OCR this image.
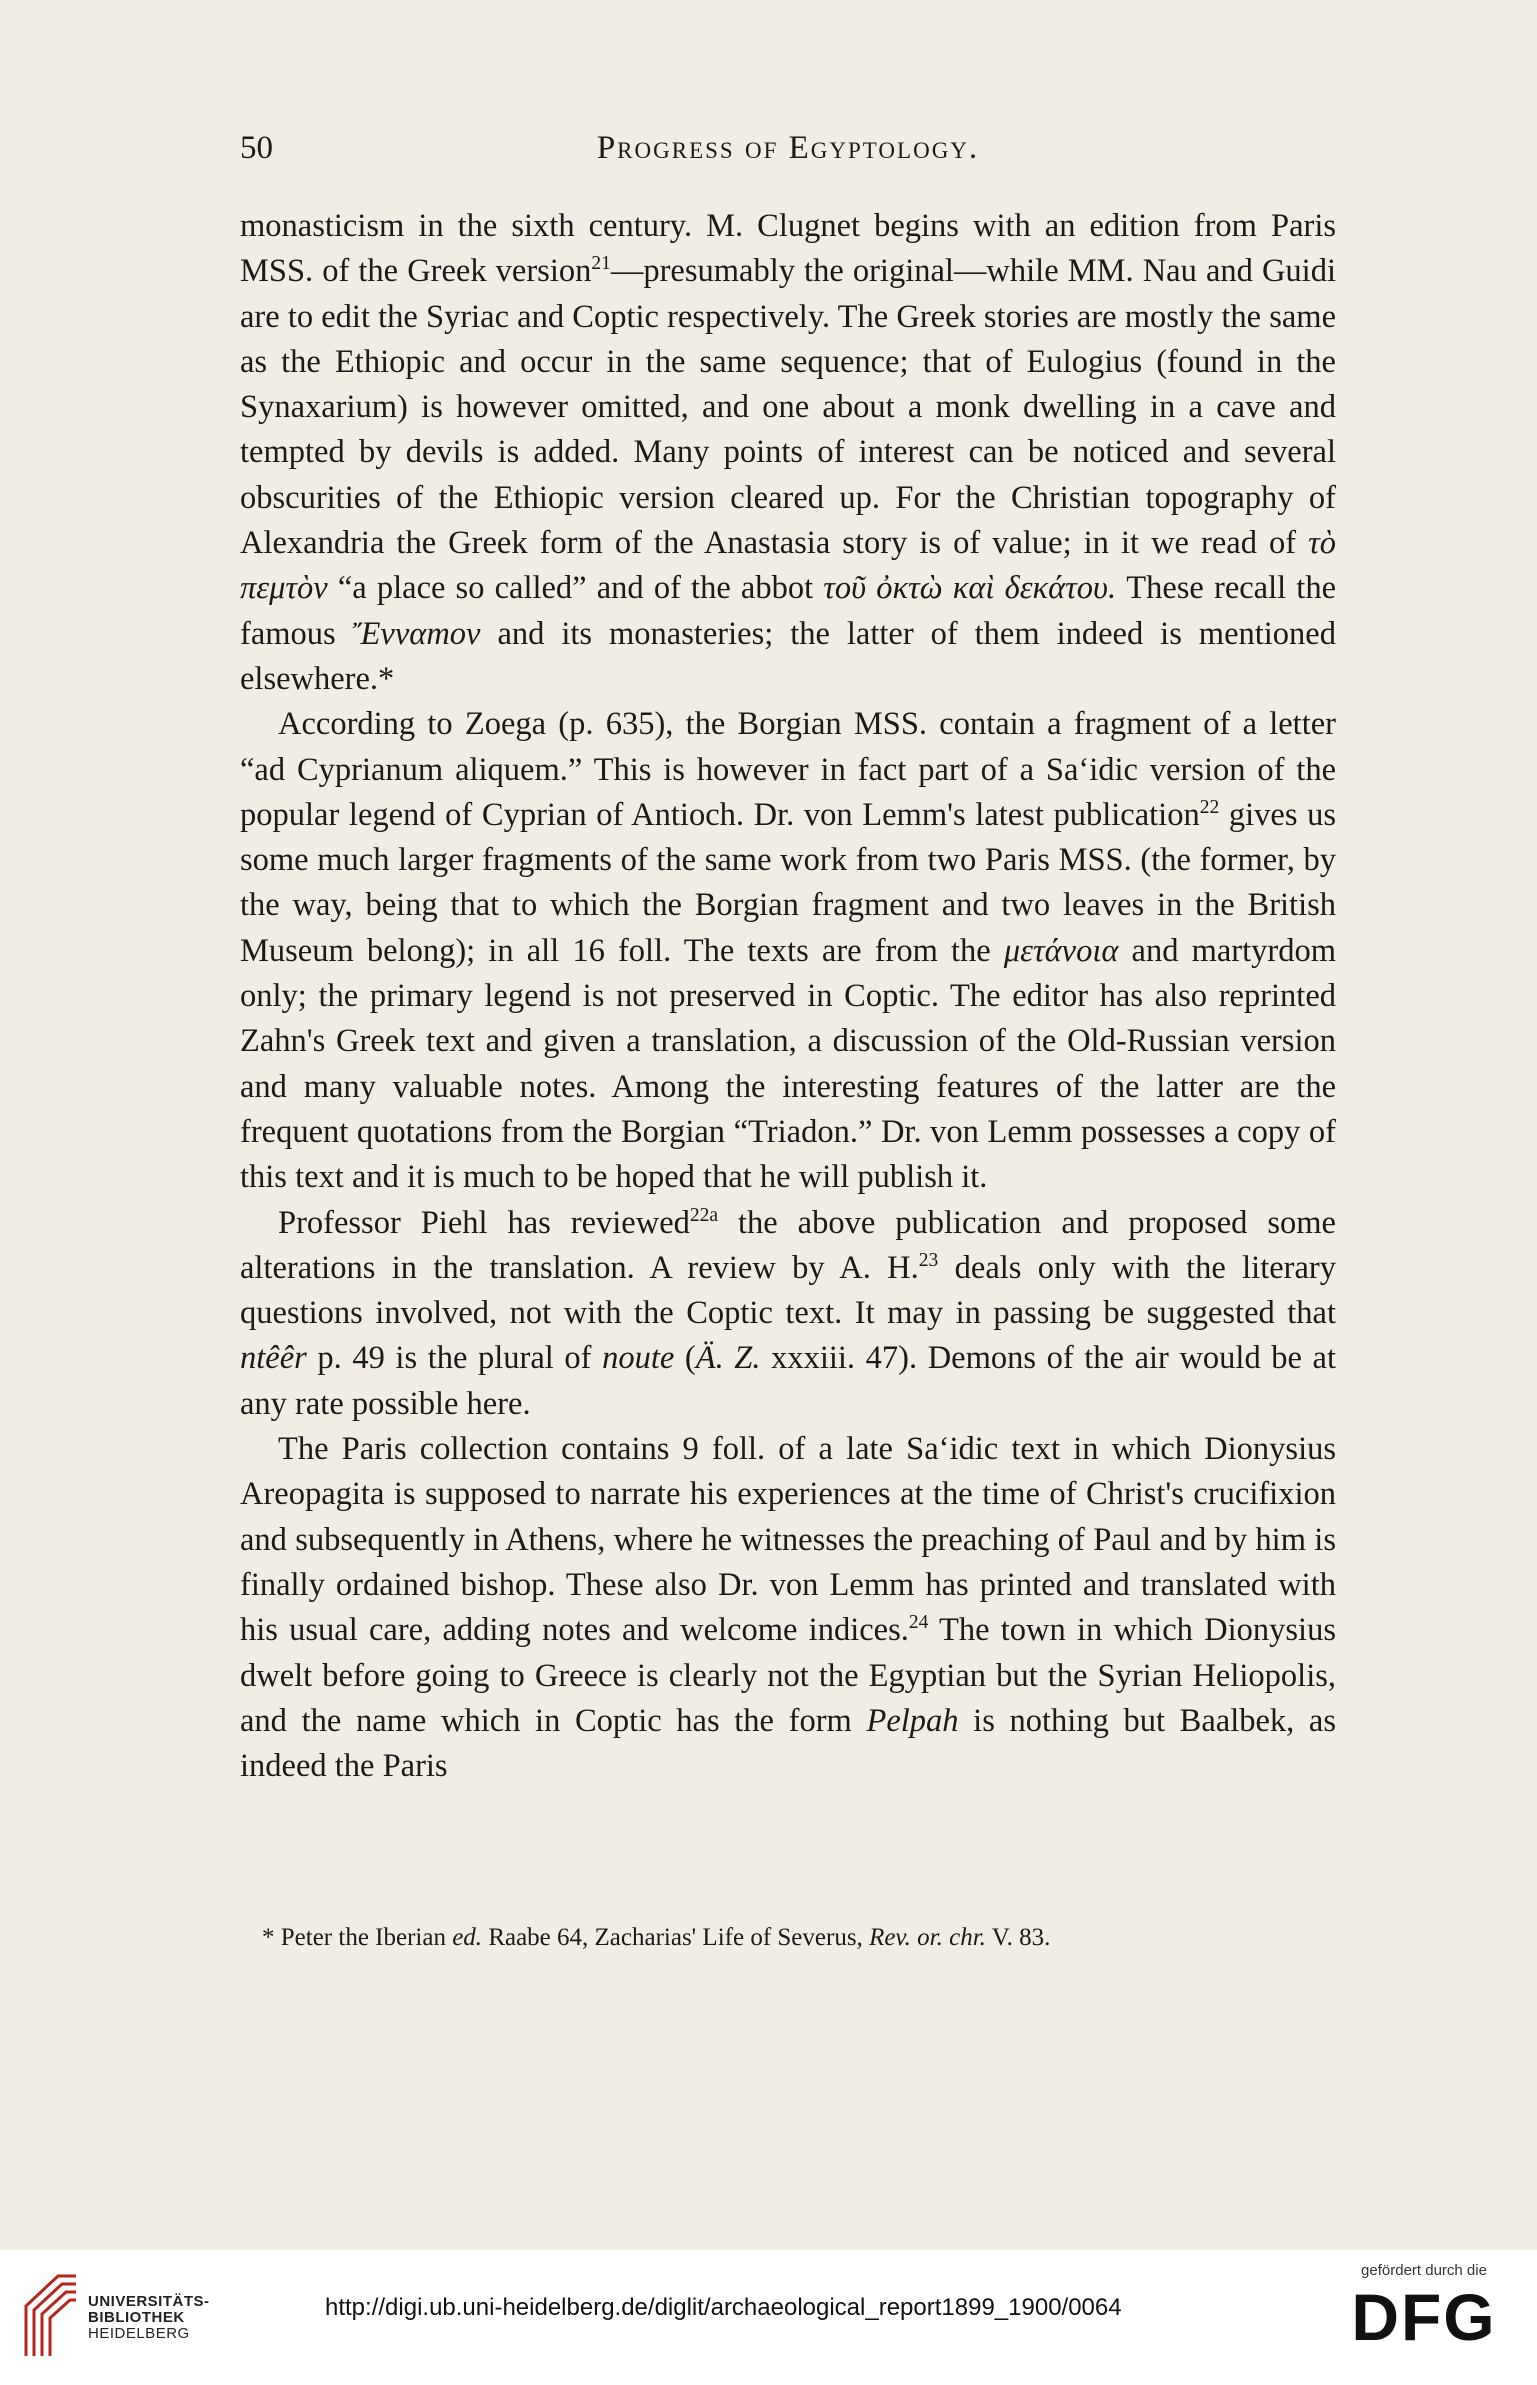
50	Progress of Egyptology.

monasticism in the sixth century. M. Clugnet begins with an edition from Paris MSS. of the Greek version$^{21}$—presumably the original—while MM. Nau and Guidi are to edit the Syriac and Coptic respectively. The Greek stories are mostly the same as the Ethiopic and occur in the same sequence; that of Eulogius (found in the Synaxarium) is however omitted, and one about a monk dwelling in a cave and tempted by devils is added. Many points of interest can be noticed and several obscurities of the Ethiopic version cleared up. For the Christian topography of Alexandria the Greek form of the Anastasia story is of value; in it we read of τὸ πεμτὸν “a place so called” and of the abbot τοῦ ὀκτὼ καὶ δεκάτου. These recall the famous Ἔνναтоν and its monasteries; the latter of them indeed is mentioned elsewhere.*

According to Zoega (p. 635), the Borgian MSS. contain a fragment of a letter “ad Cyprianum aliquem.” This is however in fact part of a Sa‘idic version of the popular legend of Cyprian of Antioch. Dr. von Lemm's latest publication$^{22}$ gives us some much larger fragments of the same work from two Paris MSS. (the former, by the way, being that to which the Borgian fragment and two leaves in the British Museum belong); in all 16 foll. The texts are from the μετάνοια and martyrdom only; the primary legend is not preserved in Coptic. The editor has also reprinted Zahn's Greek text and given a translation, a discussion of the Old-Russian version and many valuable notes. Among the interesting features of the latter are the frequent quotations from the Borgian “Triadon.” Dr. von Lemm possesses a copy of this text and it is much to be hoped that he will publish it.

Professor Piehl has reviewed$^{22a}$ the above publication and proposed some alterations in the translation. A review by A. H.$^{23}$ deals only with the literary questions involved, not with the Coptic text. It may in passing be suggested that ntêêr p. 49 is the plural of noute (Ä. Z. xxxiii. 47). Demons of the air would be at any rate possible here.

The Paris collection contains 9 foll. of a late Sa‘idic text in which Dionysius Areopagita is supposed to narrate his experiences at the time of Christ's crucifixion and subsequently in Athens, where he witnesses the preaching of Paul and by him is finally ordained bishop. These also Dr. von Lemm has printed and translated with his usual care, adding notes and welcome indices.$^{24}$ The town in which Dionysius dwelt before going to Greece is clearly not the Egyptian but the Syrian Heliopolis, and the name which in Coptic has the form Pelpah is nothing but Baalbek, as indeed the Paris

* Peter the Iberian ed. Raabe 64, Zacharias' Life of Severus, Rev. or. chr. V. 83.
UNIVERSITÄTS-
BIBLIOTHEK
HEIDELBERG
http://digi.ub.uni-heidelberg.de/diglit/archaeological_report1899_1900/0064
gefördert durch die
DFG
